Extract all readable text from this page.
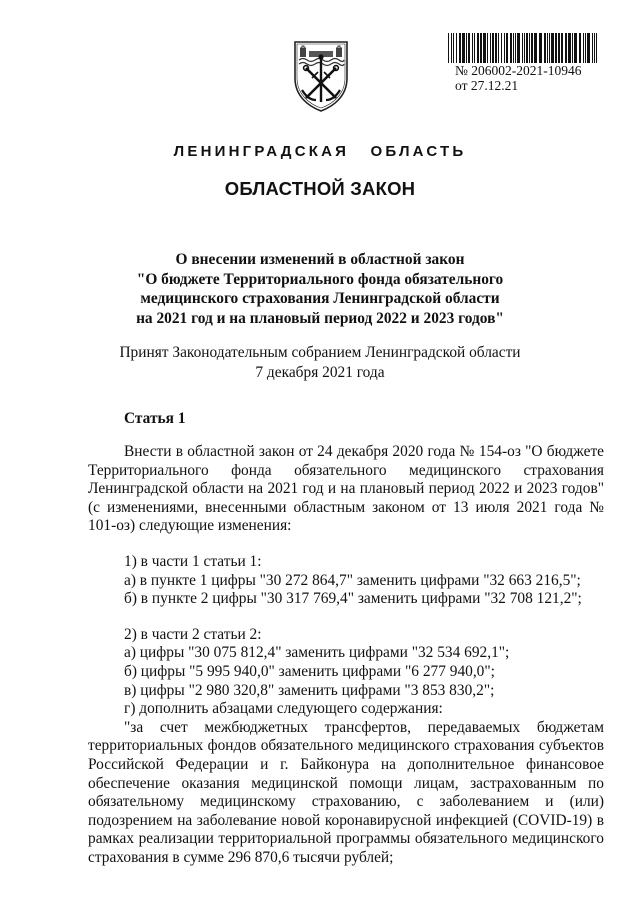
№ 206002-2021-10946
от 27.12.21
ЛЕНИНГРАДСКАЯ ОБЛАСТЬ
ОБЛАСТНОЙ ЗАКОН
О внесении изменений в областной закон
"О бюджете Территориального фонда обязательного
медицинского страхования Ленинградской области
на 2021 год и на плановый период 2022 и 2023 годов"
Принят Законодательным собранием Ленинградской области
7 декабря 2021 года
Статья 1

Внести в областной закон от 24 декабря 2020 года № 154-оз "О бюджете Территориального фонда обязательного медицинского страхования Ленинградской области на 2021 год и на плановый период 2022 и 2023 годов" (с изменениями, внесенными областным законом от 13 июля 2021 года № 101-оз) следующие изменения:

1) в части 1 статьи 1:

а) в пункте 1 цифры "30 272 864,7" заменить цифрами "32 663 216,5";

б) в пункте 2 цифры "30 317 769,4" заменить цифрами "32 708 121,2";

2) в части 2 статьи 2:

а) цифры "30 075 812,4" заменить цифрами "32 534 692,1";

б) цифры "5 995 940,0" заменить цифрами "6 277 940,0";

в) цифры "2 980 320,8" заменить цифрами "3 853 830,2";

г) дополнить абзацами следующего содержания:

"за счет межбюджетных трансфертов, передаваемых бюджетам территориальных фондов обязательного медицинского страхования субъектов Российской Федерации и г. Байконура на дополнительное финансовое обеспечение оказания медицинской помощи лицам, застрахованным по обязательному медицинскому страхованию, с заболеванием и (или) подозрением на заболевание новой коронавирусной инфекцией (COVID-19) в рамках реализации территориальной программы обязательного медицинского страхования в сумме 296 870,6 тысячи рублей;
